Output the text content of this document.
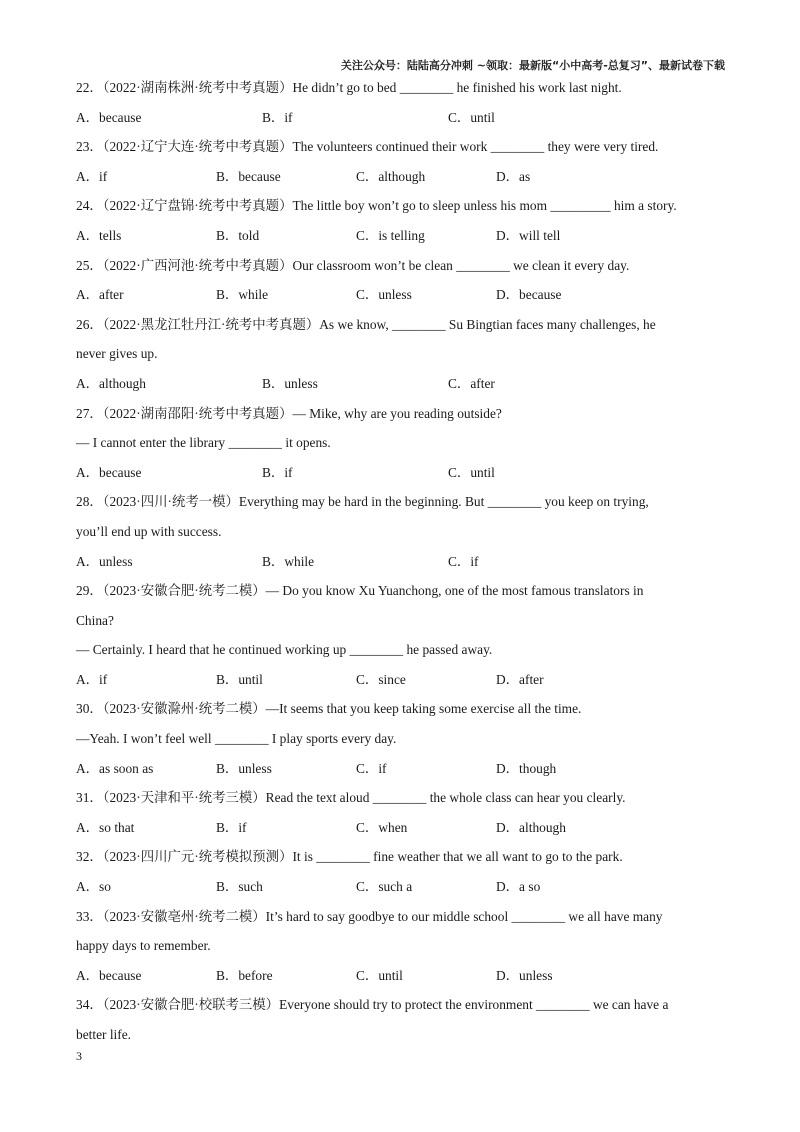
关注公众号：陆陆高分冲刺 ~领取：最新版“小中高考-总复习”、最新试卷下载
22．（2022·湖南株洲·统考中考真题）He didn’t go to bed ________ he finished his work last night.
A．because	B．if	C．until
23．（2022·辽宁大连·统考中考真题）The volunteers continued their work ________ they were very tired.
A．if	B．because	C．although	D．as
24．（2022·辽宁盘锦·统考中考真题）The little boy won’t go to sleep unless his mom _________ him a story.
A．tells	B．told	C．is telling	D．will tell
25．（2022·广西河池·统考中考真题）Our classroom won’t be clean ________ we clean it every day.
A．after	B．while	C．unless	D．because
26．（2022·黑龙江牡丹江·统考中考真题）As we know, ________ Su Bingtian faces many challenges, he
never gives up.
A．although	B．unless	C．after
27．（2022·湖南邵阳·统考中考真题）— Mike, why are you reading outside?
— I cannot enter the library ________ it opens.
A．because	B．if	C．until
28．（2023·四川·统考一模）Everything may be hard in the beginning. But ________ you keep on trying,
you’ll end up with success.
A．unless	B．while	C．if
29．（2023·安徽合肥·统考二模）— Do you know Xu Yuanchong, one of the most famous translators in
China?
— Certainly. I heard that he continued working up ________ he passed away.
A．if	B．until	C．since	D．after
30．（2023·安徽滁州·统考二模）—It seems that you keep taking some exercise all the time.
—Yeah. I won’t feel well ________ I play sports every day.
A．as soon as	B．unless	C．if	D．though
31．（2023·天津和平·统考三模）Read the text aloud ________ the whole class can hear you clearly.
A．so that	B．if	C．when	D．although
32．（2023·四川广元·统考模拟预测）It is ________ fine weather that we all want to go to the park.
A．so	B．such	C．such a	D．a so
33．（2023·安徽亳州·统考二模）It’s hard to say goodbye to our middle school ________ we all have many
happy days to remember.
A．because	B．before	C．until	D．unless
34．（2023·安徽合肥·校联考三模）Everyone should try to protect the environment ________ we can have a
better life.
3
